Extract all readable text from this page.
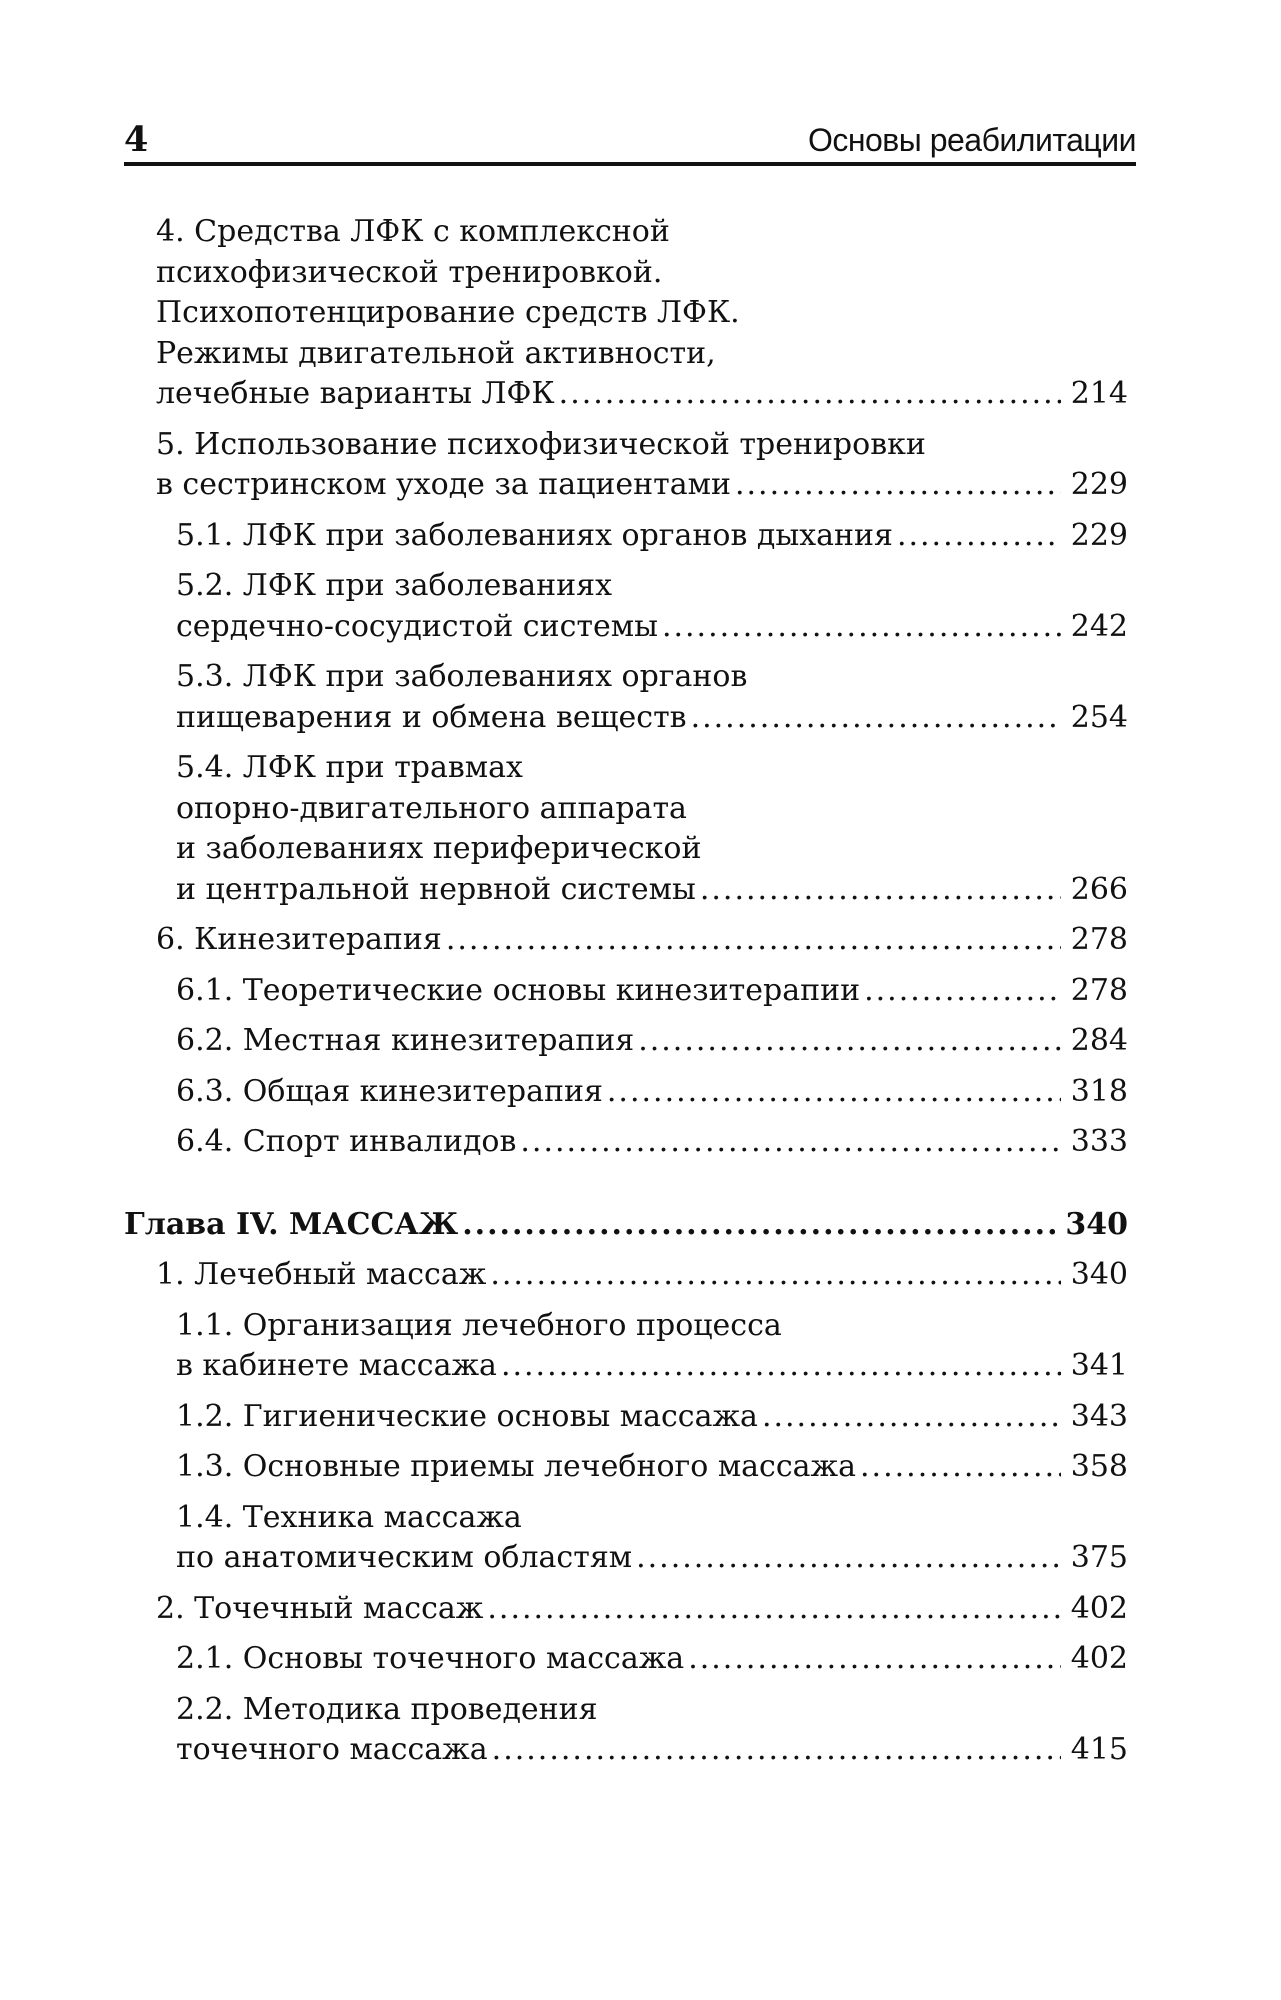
4	Основы реабилитации
4. Средства ЛФК с комплексной
психофизической тренировкой.
Психопотенцирование средств ЛФК.
Режимы двигательной активности,
лечебные варианты ЛФК .....	214
5. Использование психофизической тренировки
в сестринском уходе за пациентами .....	229
5.1. ЛФК при заболеваниях органов дыхания .....	229
5.2. ЛФК при заболеваниях
сердечно-сосудистой системы .....	242
5.3. ЛФК при заболеваниях органов
пищеварения и обмена веществ .....	254
5.4. ЛФК при травмах
опорно-двигательного аппарата
и заболеваниях периферической
и центральной нервной системы .....	266
6. Кинезитерапия .....	278
6.1. Теоретические основы кинезитерапии .....	278
6.2. Местная кинезитерапия .....	284
6.3. Общая кинезитерапия .....	318
6.4. Спорт инвалидов .....	333
Глава IV. МАССАЖ .....	340
1. Лечебный массаж .....	340
1.1. Организация лечебного процесса
в кабинете массажа .....	341
1.2. Гигиенические основы массажа .....	343
1.3. Основные приемы лечебного массажа .....	358
1.4. Техника массажа
по анатомическим областям .....	375
2. Точечный массаж .....	402
2.1. Основы точечного массажа .....	402
2.2. Методика проведения
точечного массажа .....	415
